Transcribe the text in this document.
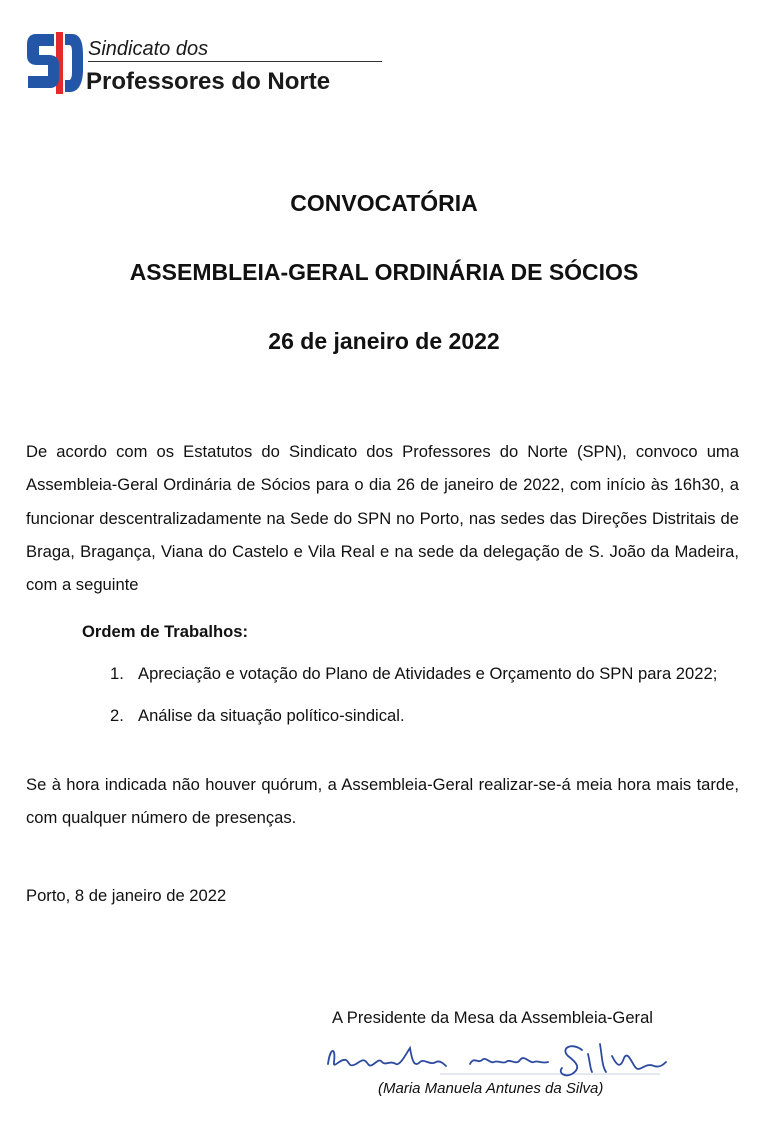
Sindicato dos
Professores do Norte
CONVOCATÓRIA
ASSEMBLEIA-GERAL ORDINÁRIA DE SÓCIOS
26 de janeiro de 2022
De acordo com os Estatutos do Sindicato dos Professores do Norte (SPN), convoco uma Assembleia-Geral Ordinária de Sócios para o dia 26 de janeiro de 2022, com início às 16h30, a funcionar descentralizadamente na Sede do SPN no Porto, nas sedes das Direções Distritais de Braga, Bragança, Viana do Castelo e Vila Real e na sede da delegação de S. João da Madeira, com a seguinte
Ordem de Trabalhos:
1. Apreciação e votação do Plano de Atividades e Orçamento do SPN para 2022;
2. Análise da situação político-sindical.
Se à hora indicada não houver quórum, a Assembleia-Geral realizar-se-á meia hora mais tarde, com qualquer número de presenças.
Porto, 8 de janeiro de 2022
A Presidente da Mesa da Assembleia-Geral
(Maria Manuela Antunes da Silva)
